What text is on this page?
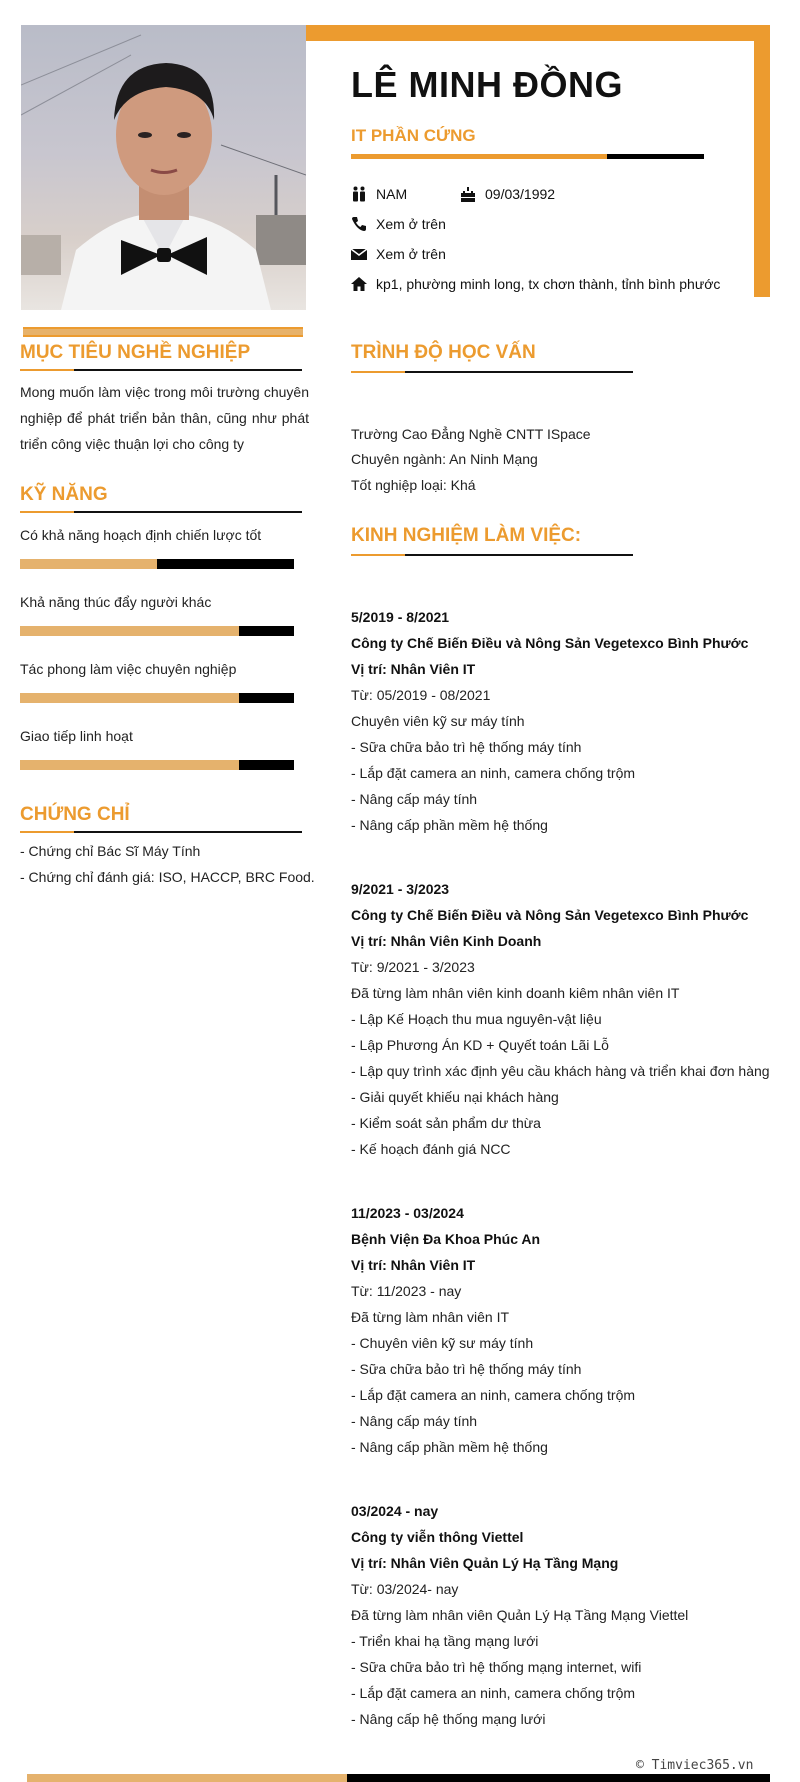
LÊ MINH ĐỒNG
IT PHẦN CỨNG
NAM	09/03/1992
Xem ở trên
Xem ở trên
kp1, phường minh long, tx chơn thành, tỉnh bình phước
MỤC TIÊU NGHỀ NGHIỆP
Mong muốn làm việc trong môi trường chuyên nghiệp để phát triển bản thân, cũng như phát triển công việc thuận lợi cho công ty
KỸ NĂNG
Có khả năng hoạch định chiến lược tốt
Khả năng thúc đẩy người khác
Tác phong làm việc chuyên nghiệp
Giao tiếp linh hoạt
CHỨNG CHỈ
- Chứng chỉ Bác Sĩ Máy Tính
- Chứng chỉ đánh giá: ISO, HACCP, BRC Food.
TRÌNH ĐỘ HỌC VẤN
Trường Cao Đẳng Nghề CNTT ISpace
Chuyên ngành: An Ninh Mạng
Tốt nghiệp loại: Khá
KINH NGHIỆM LÀM VIỆC:
5/2019 - 8/2021
Công ty Chế Biến Điều và Nông Sản Vegetexco Bình Phước
Vị trí: Nhân Viên IT
Từ: 05/2019 - 08/2021
Chuyên viên kỹ sư máy tính
- Sữa chữa bảo trì hệ thống máy tính
- Lắp đặt camera an ninh, camera chống trộm
- Nâng cấp máy tính
- Nâng cấp phần mềm hệ thống
9/2021 - 3/2023
Công ty Chế Biến Điều và Nông Sản Vegetexco Bình Phước
Vị trí: Nhân Viên Kinh Doanh
Từ: 9/2021 - 3/2023
Đã từng làm nhân viên kinh doanh kiêm nhân viên IT
- Lập Kế Hoạch thu mua nguyên-vật liệu
- Lập Phương Án KD + Quyết toán Lãi Lỗ
- Lập quy trình xác định yêu cầu khách hàng và triển khai đơn hàng
- Giải quyết khiếu nại khách hàng
- Kiểm soát sản phẩm dư thừa
- Kế hoạch đánh giá NCC
11/2023 - 03/2024
Bệnh Viện Đa Khoa Phúc An
Vị trí: Nhân Viên IT
Từ: 11/2023 - nay
Đã từng làm nhân viên IT
- Chuyên viên kỹ sư máy tính
- Sữa chữa bảo trì hệ thống máy tính
- Lắp đặt camera an ninh, camera chống trộm
- Nâng cấp máy tính
- Nâng cấp phần mềm hệ thống
03/2024 - nay
Công ty viễn thông Viettel
Vị trí: Nhân Viên Quản Lý Hạ Tầng Mạng
Từ: 03/2024- nay
Đã từng làm nhân viên Quản Lý Hạ Tầng Mạng Viettel
- Triển khai hạ tầng mạng lưới
- Sữa chữa bảo trì hệ thống mạng internet, wifi
- Lắp đặt camera an ninh, camera chống trộm
- Nâng cấp hệ thống mạng lưới
© Timviec365.vn
